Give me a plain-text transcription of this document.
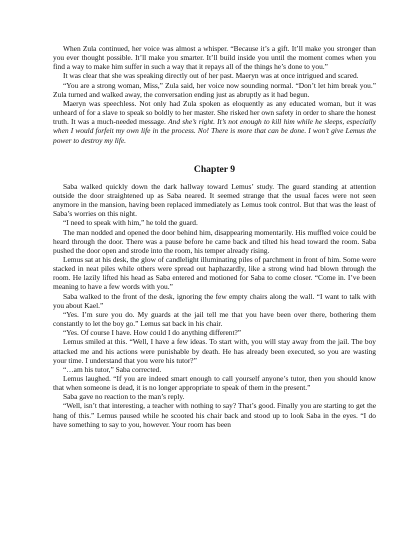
When Zula continued, her voice was almost a whisper. “Because it’s a gift. It’ll make you stronger than you ever thought possible. It’ll make you smarter. It’ll build inside you until the moment comes when you find a way to make him suffer in such a way that it repays all of the things he’s done to you.”

It was clear that she was speaking directly out of her past. Maeryn was at once intrigued and scared.

“You are a strong woman, Miss,” Zula said, her voice now sounding normal. “Don’t let him break you.” Zula turned and walked away, the conversation ending just as abruptly as it had begun.

Maeryn was speechless. Not only had Zula spoken as eloquently as any educated woman, but it was unheard of for a slave to speak so boldly to her master. She risked her own safety in order to share the honest truth. It was a much-needed message. And she’s right. It’s not enough to kill him while he sleeps, especially when I would forfeit my own life in the process. No! There is more that can be done. I won’t give Lemus the power to destroy my life.

Chapter 9

Saba walked quickly down the dark hallway toward Lemus’ study. The guard standing at attention outside the door straightened up as Saba neared. It seemed strange that the usual faces were not seen anymore in the mansion, having been replaced immediately as Lemus took control. But that was the least of Saba’s worries on this night.

“I need to speak with him,” he told the guard.

The man nodded and opened the door behind him, disappearing momentarily. His muffled voice could be heard through the door. There was a pause before he came back and tilted his head toward the room. Saba pushed the door open and strode into the room, his temper already rising.

Lemus sat at his desk, the glow of candlelight illuminating piles of parchment in front of him. Some were stacked in neat piles while others were spread out haphazardly, like a strong wind had blown through the room. He lazily lifted his head as Saba entered and motioned for Saba to come closer. “Come in. I’ve been meaning to have a few words with you.”

Saba walked to the front of the desk, ignoring the few empty chairs along the wall. “I want to talk with you about Kael.”

“Yes. I’m sure you do. My guards at the jail tell me that you have been over there, bothering them constantly to let the boy go.” Lemus sat back in his chair.

“Yes. Of course I have. How could I do anything different?”

Lemus smiled at this. “Well, I have a few ideas. To start with, you will stay away from the jail. The boy attacked me and his actions were punishable by death. He has already been executed, so you are wasting your time. I understand that you were his tutor?”

“…am his tutor,” Saba corrected.

Lemus laughed. “If you are indeed smart enough to call yourself anyone’s tutor, then you should know that when someone is dead, it is no longer appropriate to speak of them in the present.”

Saba gave no reaction to the man’s reply.

“Well, isn’t that interesting, a teacher with nothing to say? That’s good. Finally you are starting to get the hang of this.” Lemus paused while he scooted his chair back and stood up to look Saba in the eyes. “I do have something to say to you, however. Your room has been
